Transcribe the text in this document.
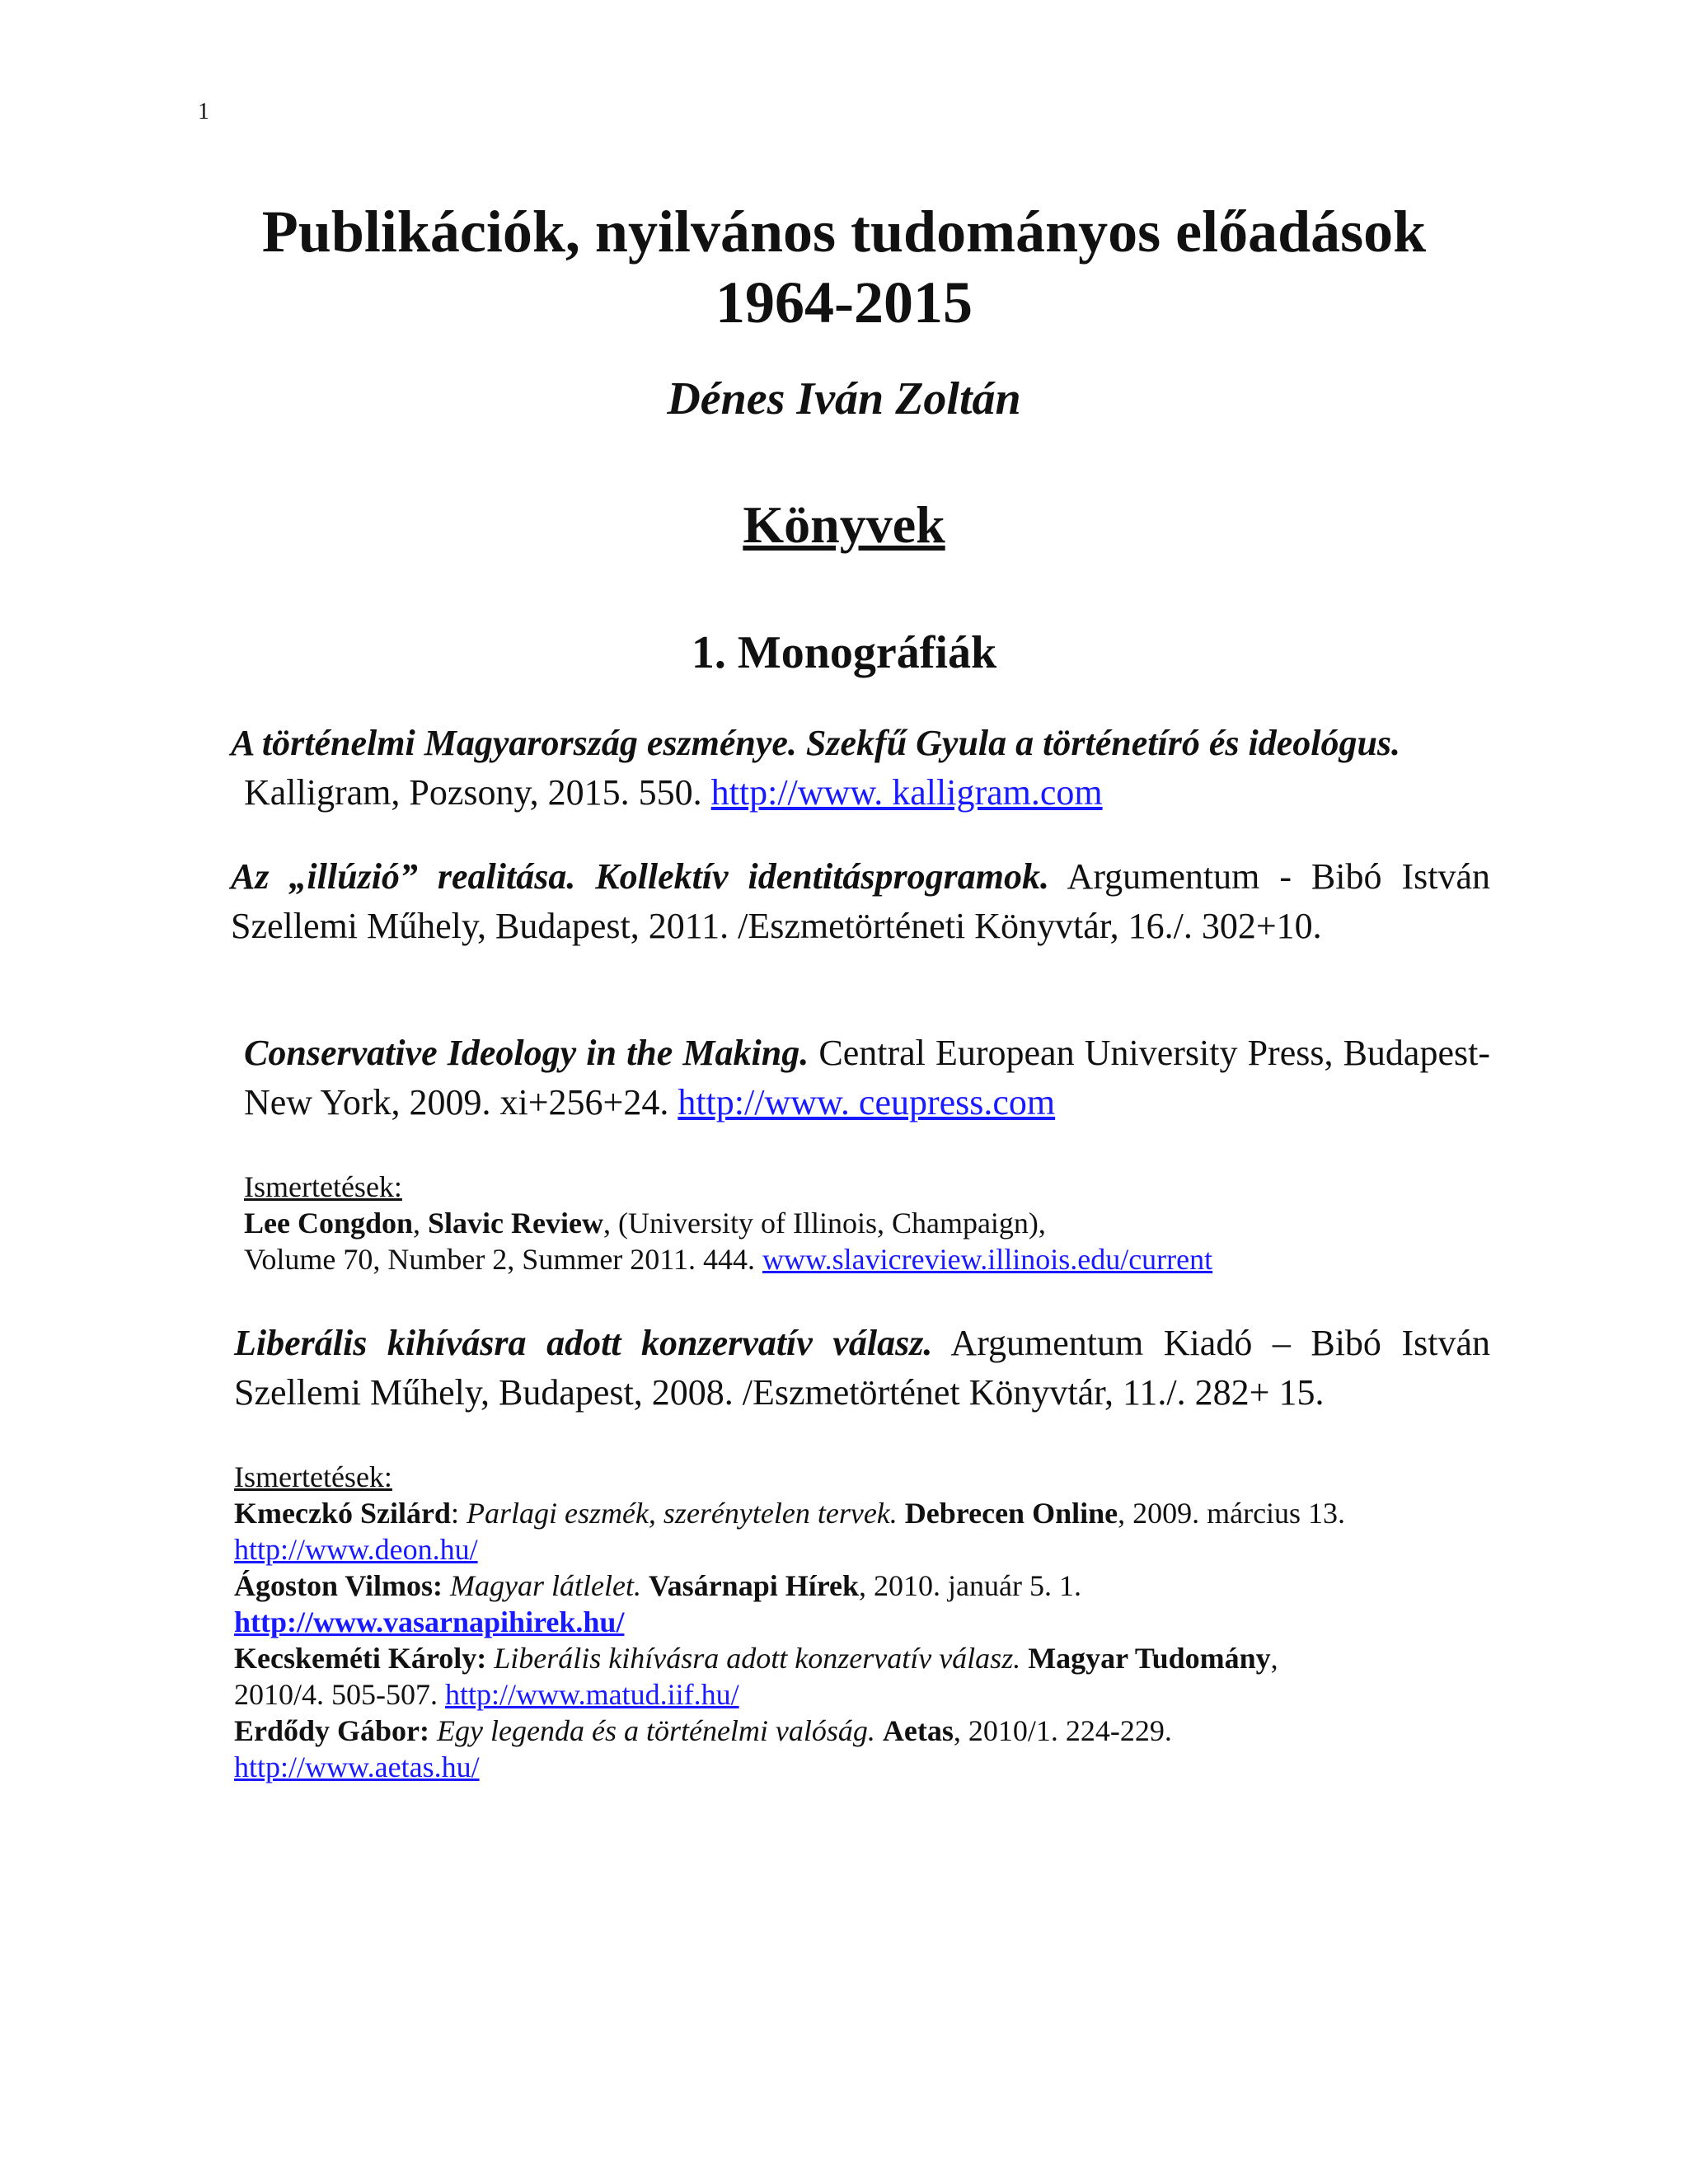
1
Publikációk, nyilvános tudományos előadások
1964-2015
Dénes Iván Zoltán
Könyvek
1. Monográfiák
A történelmi Magyarország eszménye. Szekfű Gyula a történetíró és ideológus.
Kalligram, Pozsony, 2015. 550. http://www. kalligram.com
Az „illúzió” realitása. Kollektív identitásprogramok. Argumentum - Bibó István Szellemi Műhely, Budapest, 2011. /Eszmetörténeti Könyvtár, 16./. 302+10.
Conservative Ideology in the Making. Central European University Press, Budapest-New York, 2009. xi+256+24. http://www. ceupress.com
Ismertetések:
Lee Congdon, Slavic Review, (University of Illinois, Champaign),
Volume 70, Number 2, Summer 2011. 444. www.slavicreview.illinois.edu/current
Liberális kihívásra adott konzervatív válasz. Argumentum Kiadó – Bibó István Szellemi Műhely, Budapest, 2008. /Eszmetörténet Könyvtár, 11./. 282+ 15.
Ismertetések:

Kmeczkó Szilárd: Parlagi eszmék, szerénytelen tervek. Debrecen Online, 2009. március 13.
http://www.deon.hu/
Ágoston Vilmos: Magyar látlelet. Vasárnapi Hírek, 2010. január 5. 1.
http://www.vasarnapihirek.hu/
Kecskeméti Károly: Liberális kihívásra adott konzervatív válasz. Magyar Tudomány,
2010/4. 505-507. http://www.matud.iif.hu/
Erdődy Gábor: Egy legenda és a történelmi valóság. Aetas, 2010/1. 224-229.
http://www.aetas.hu/
